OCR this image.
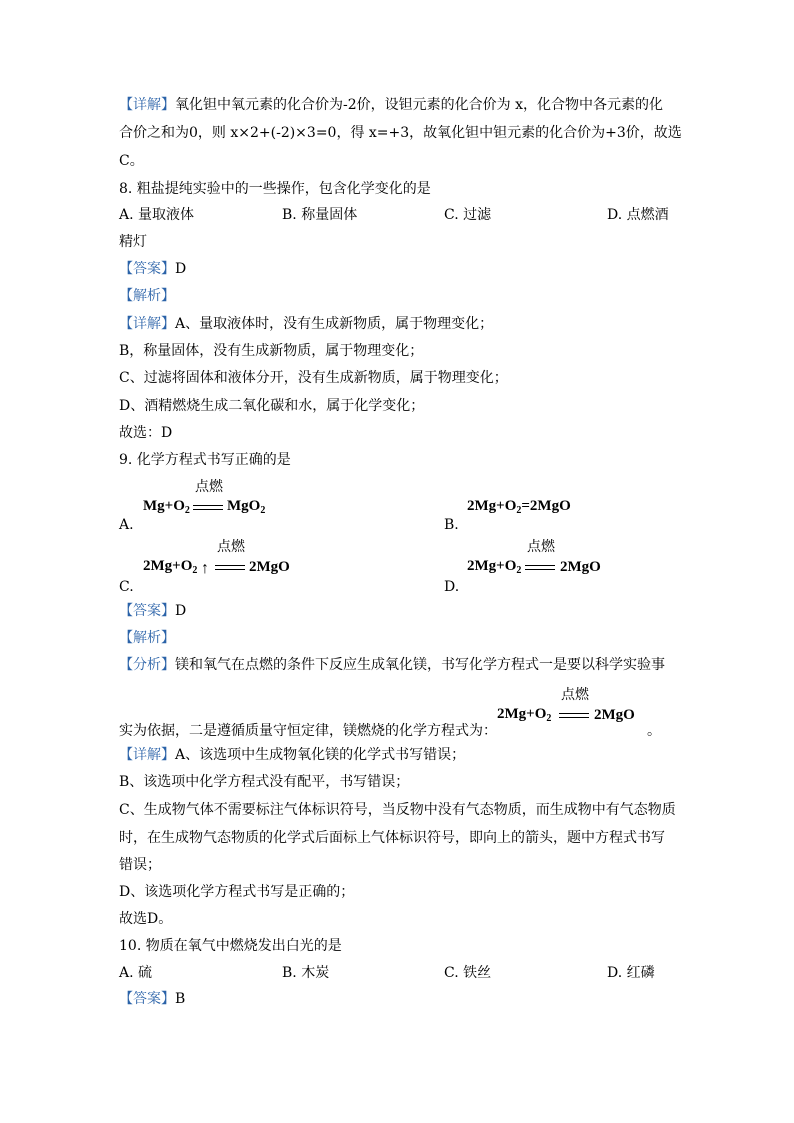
【详解】氧化钽中氧元素的化合价为-2价，设钽元素的化合价为 x，化合物中各元素的化
合价之和为0，则 x×2+(-2)×3=0，得 x=+3，故氧化钽中钽元素的化合价为+3价，故选
C。
8. 粗盐提纯实验中的一些操作，包含化学变化的是
A. 量取液体	B. 称量固体	C. 过滤	D. 点燃酒
精灯
【答案】D
【解析】
【详解】A、量取液体时，没有生成新物质，属于物理变化；
B，称量固体，没有生成新物质，属于物理变化；
C、过滤将固体和液体分开，没有生成新物质，属于物理变化；
D、酒精燃烧生成二氧化碳和水，属于化学变化；
故选：D
9. 化学方程式书写正确的是
点燃
$Mg+O_2$ MgO$_2$
A.
$2Mg+O_2=2MgO$
B.
点燃
$2Mg+O_2$ ↑	2MgO
C.
点燃
$2Mg+O_2$	2MgO
D.
【答案】D
【解析】
【分析】镁和氧气在点燃的条件下反应生成氧化镁，书写化学方程式一是要以科学实验事
点燃
$2Mg+O_2$	2MgO
实为依据，二是遵循质量守恒定律，镁燃烧的化学方程式为：	。
【详解】A、该选项中生成物氧化镁的化学式书写错误；
B、该选项中化学方程式没有配平，书写错误；
C、生成物气体不需要标注气体标识符号，当反物中没有气态物质，而生成物中有气态物质
时，在生成物气态物质的化学式后面标上气体标识符号，即向上的箭头，题中方程式书写
错误；
D、该选项化学方程式书写是正确的；
故选D。
10. 物质在氧气中燃烧发出白光的是
A. 硫	B. 木炭	C. 铁丝	D. 红磷
【答案】B
